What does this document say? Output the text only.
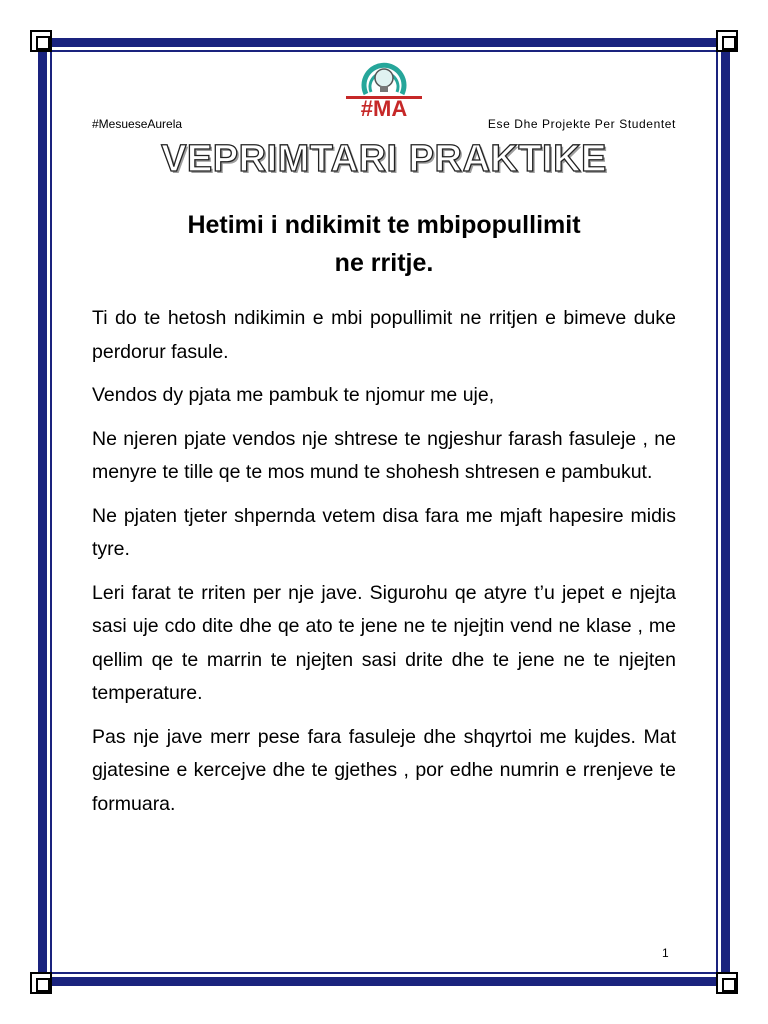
#MA
#MesueseAurela	Ese Dhe Projekte Per Studentet
VEPRIMTARI PRAKTIKE
Hetimi i ndikimit te mbipopullimit
ne rritje.

Ti do te hetosh ndikimin e mbi popullimit ne rritjen e bimeve duke perdorur fasule.

Vendos dy pjata me pambuk te njomur me uje,

Ne njeren pjate vendos nje shtrese te ngjeshur farash fasuleje , ne menyre te tille qe te mos mund te shohesh shtresen e pambukut.

Ne pjaten tjeter shpernda vetem disa fara me mjaft hapesire midis tyre.

Leri farat te rriten per nje jave. Sigurohu qe atyre t’u jepet e njejta sasi uje cdo dite dhe qe ato te jene ne te njejtin vend ne klase , me qellim qe te marrin te njejten sasi drite dhe te jene ne te njejten temperature.

Pas nje jave merr pese fara fasuleje dhe shqyrtoi me kujdes. Mat gjatesine e kercejve dhe te gjethes , por edhe numrin e rrenjeve te formuara.

1
